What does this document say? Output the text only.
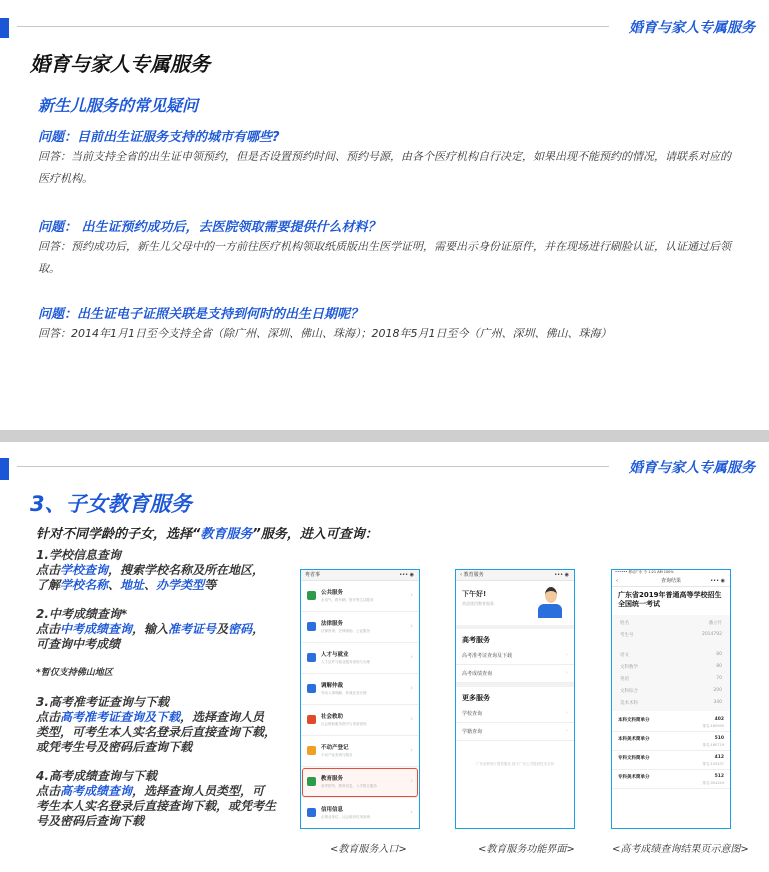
婚育与家人专属服务
婚育与家人专属服务
新生儿服务的常见疑问
问题：目前出生证服务支持的城市有哪些?
回答：当前支持全省的出生证申领预约，但是否设置预约时间、预约号源，由各个医疗机构自行决定，如果出现不能预约的情况，请联系对应的医疗机构。
问题： 出生证预约成功后，去医院领取需要提供什么材料？
回答：预约成功后，新生儿父母中的一方前往医疗机构领取纸质版出生医学证明，需要出示身份证原件，并在现场进行刷脸认证，认证通过后领取。
问题：出生证电子证照关联是支持到何时的出生日期呢？
回答：2014年1月1日至今支持全省（除广州、深圳、佛山、珠海）；2018年5月1日至今（广州、深圳、佛山、珠海）
婚育与家人专属服务
3、子女教育服务
针对不同学龄的子女，选择“教育服务”服务，进入可查询：
1.学校信息查询
点击学校查询，搜索学校名称及所在地区，了解学校名称、地址、办学类型等
2.中考成绩查询*
点击中考成绩查询，输入准考证号及密码，可查询中考成绩
*暂仅支持佛山地区
3.高考准考证查询与下载
点击高考准考证查询及下载，选择查询人员类型，可考生本人实名登录后直接查询下载，或凭考生号及密码后查询下载
4.高考成绩查询与下载
点击高考成绩查询，选择查询人员类型，可考生本人实名登录后直接查询下载，或凭考生号及密码后查询下载
粤省事	••• ◉
公共服务
水电气、路车辆、报车等生活服务
›
法律服务
法律咨询、法律援助、公证服务
›
人才与就业
人才证件与就业服务查询与办理
›
调解仲裁
劳动人事调解、仲裁业务办理
›
社会救助
社会救助服务指引与申请查询
›
不动产登记
不动产证查询与服务
›
教育服务
高考招考、教育信息、入学报名服务
›
信用信息
企事业单位、社会组织信用查询
›
<教育服务入口>
‹ 教育服务	••• ◉
下午好!
欢迎使用教育服务
高考服务
高考准考证查询及下载	›
高考成绩查询	›
更多服务
学校查询	›
学籍查询	›
广东省教育厅提供服务 数字广东公司提供技术支持
<教育服务功能界面>
•••••• 移动广东 令 1:21 AM 100%
‹	查询结果	••• ◉
广东省2019年普通高等学校招生全国统一考试
姓名	潘立竹
考生号	2014792
语文	80
文科数学	80
英语	70
文科综合	200
美术术科	340
本科文科简单分	402
排名:180950

本科美术简单分	510
排名:160719

专科文科简单分	412
排名:193437

专科美术简单分	512
排名:004244

<高考成绩查询结果页示意图>
